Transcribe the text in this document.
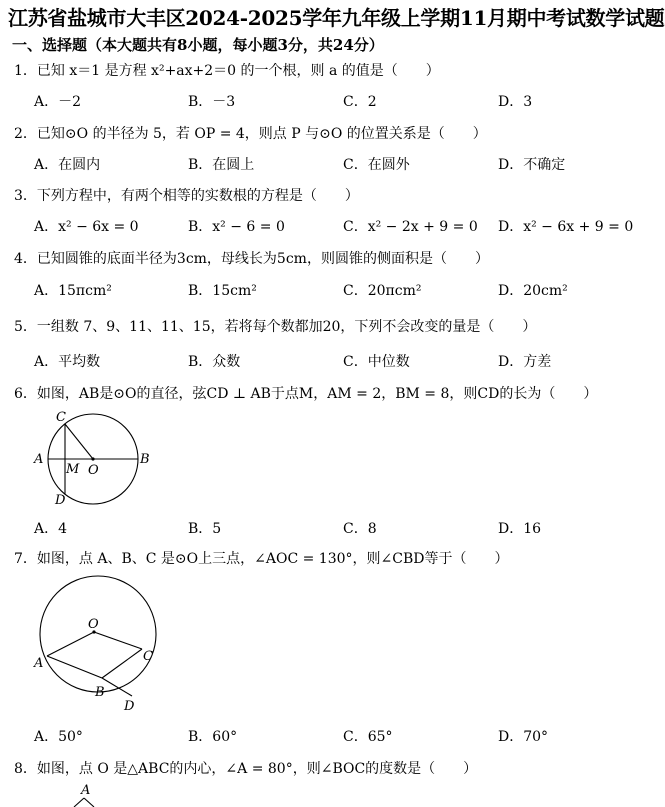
江苏省盐城市大丰区2024-2025学年九年级上学期11月期中考试数学试题
一、选择题（本大题共有8小题，每小题3分，共24分）
1．已知 x＝1 是方程 x²+ax+2＝0 的一个根，则 a 的值是（　　）
A．－2	B．－3	C．2	D．3
2．已知⊙O 的半径为 5，若 OP = 4，则点 P 与⊙O 的位置关系是（　　）
A．在圆内	B．在圆上	C．在圆外	D．不确定
3．下列方程中，有两个相等的实数根的方程是（　　）
A．x² − 6x = 0	B．x² − 6 = 0	C．x² − 2x + 9 = 0 D．x² − 6x + 9 = 0
4．已知圆锥的底面半径为3cm，母线长为5cm，则圆锥的侧面积是（　　）
A．15πcm²	B．15cm²	C．20πcm²	D．20cm²
5．一组数 7、9、11、11、15，若将每个数都加20，下列不会改变的量是（　　）
A．平均数	B．众数	C．中位数	D．方差
6．如图，AB是⊙O的直径，弦CD ⊥ AB于点M，AM = 2，BM = 8，则CD的长为（　　）
C
A
M O
B
D
A．4	B．5	C．8	D．16
7．如图，点 A、B、C 是⊙O上三点，∠AOC = 130°，则∠CBD等于（　　）
O
A	C
B
D
A．50°	B．60°	C．65°	D．70°
8．如图，点 O 是△ABC的内心，∠A = 80°，则∠BOC的度数是（　　）
A
